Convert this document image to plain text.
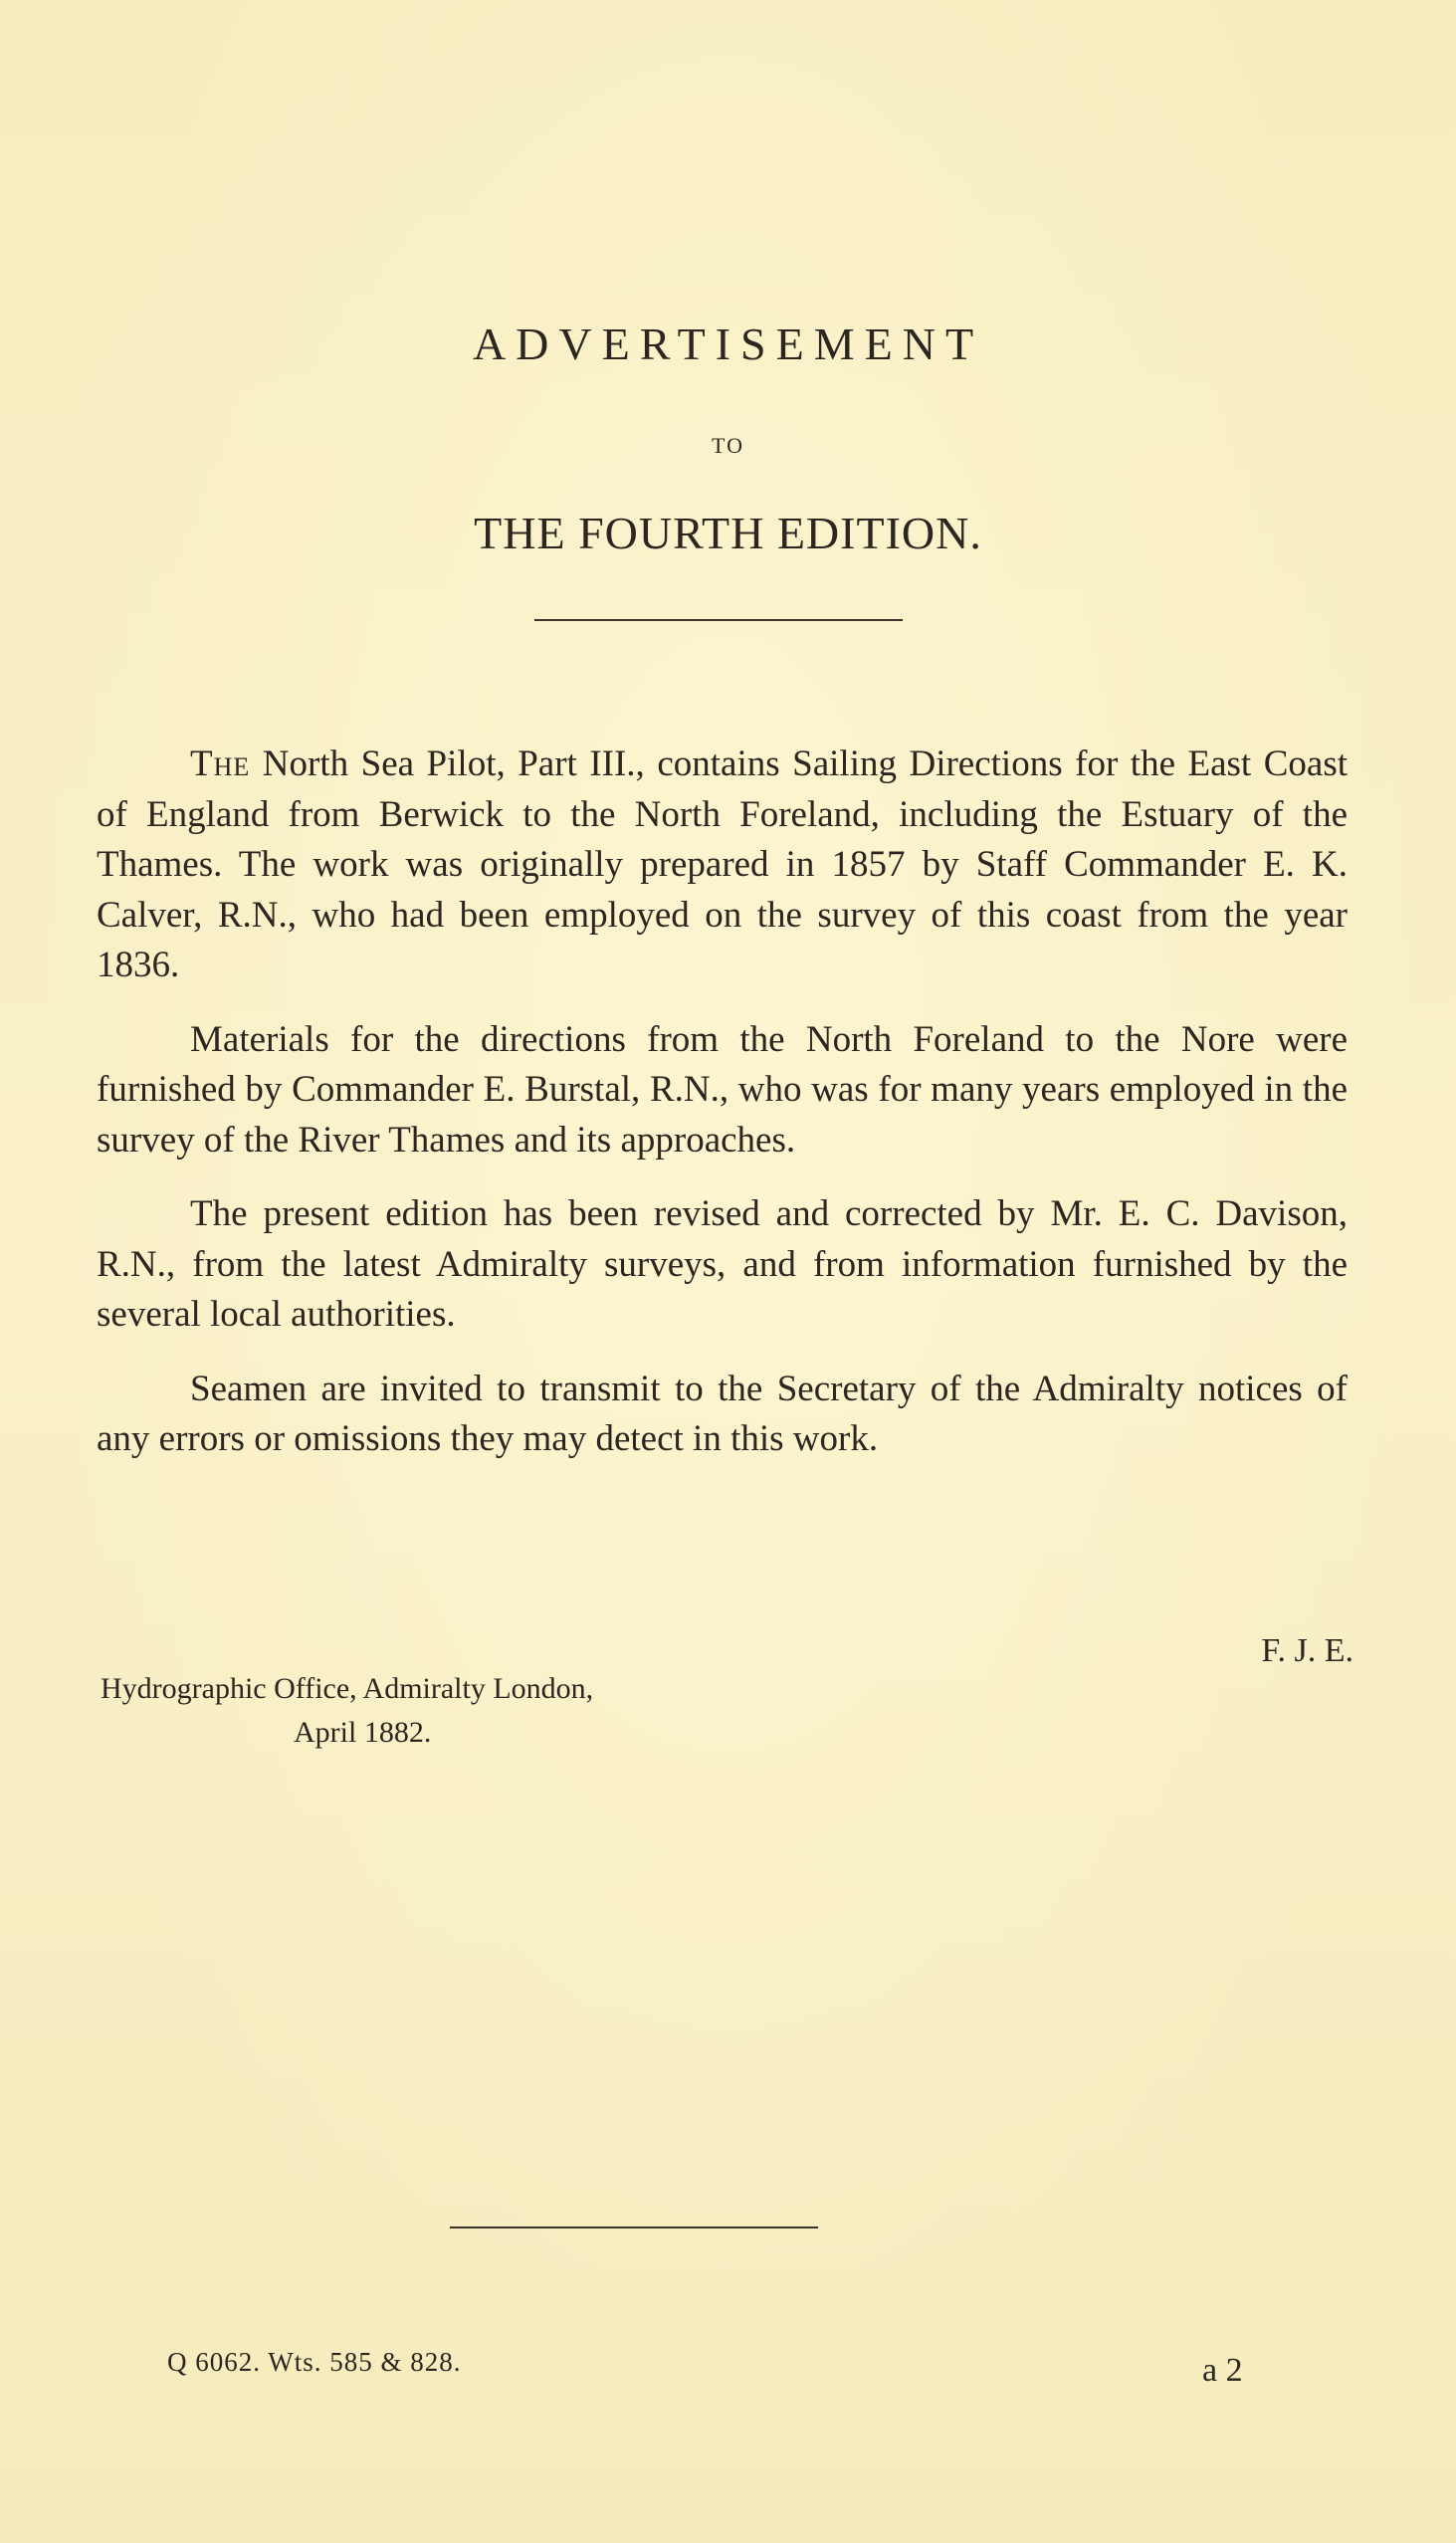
ADVERTISEMENT
TO
THE FOURTH EDITION.

The North Sea Pilot, Part III., contains Sailing Directions for the East Coast of England from Berwick to the North Foreland, including the Estuary of the Thames. The work was originally prepared in 1857 by Staff Commander E. K. Calver, R.N., who had been employed on the survey of this coast from the year 1836.

Materials for the directions from the North Foreland to the Nore were furnished by Commander E. Burstal, R.N., who was for many years employed in the survey of the River Thames and its approaches.

The present edition has been revised and corrected by Mr. E. C. Davison, R.N., from the latest Admiralty surveys, and from information furnished by the several local authorities.

Seamen are invited to transmit to the Secretary of the Admiralty notices of any errors or omissions they may detect in this work.

F. J. E.
Hydrographic Office, Admiralty London,
April 1882.
Q 6062. Wts. 585 & 828.	a 2
